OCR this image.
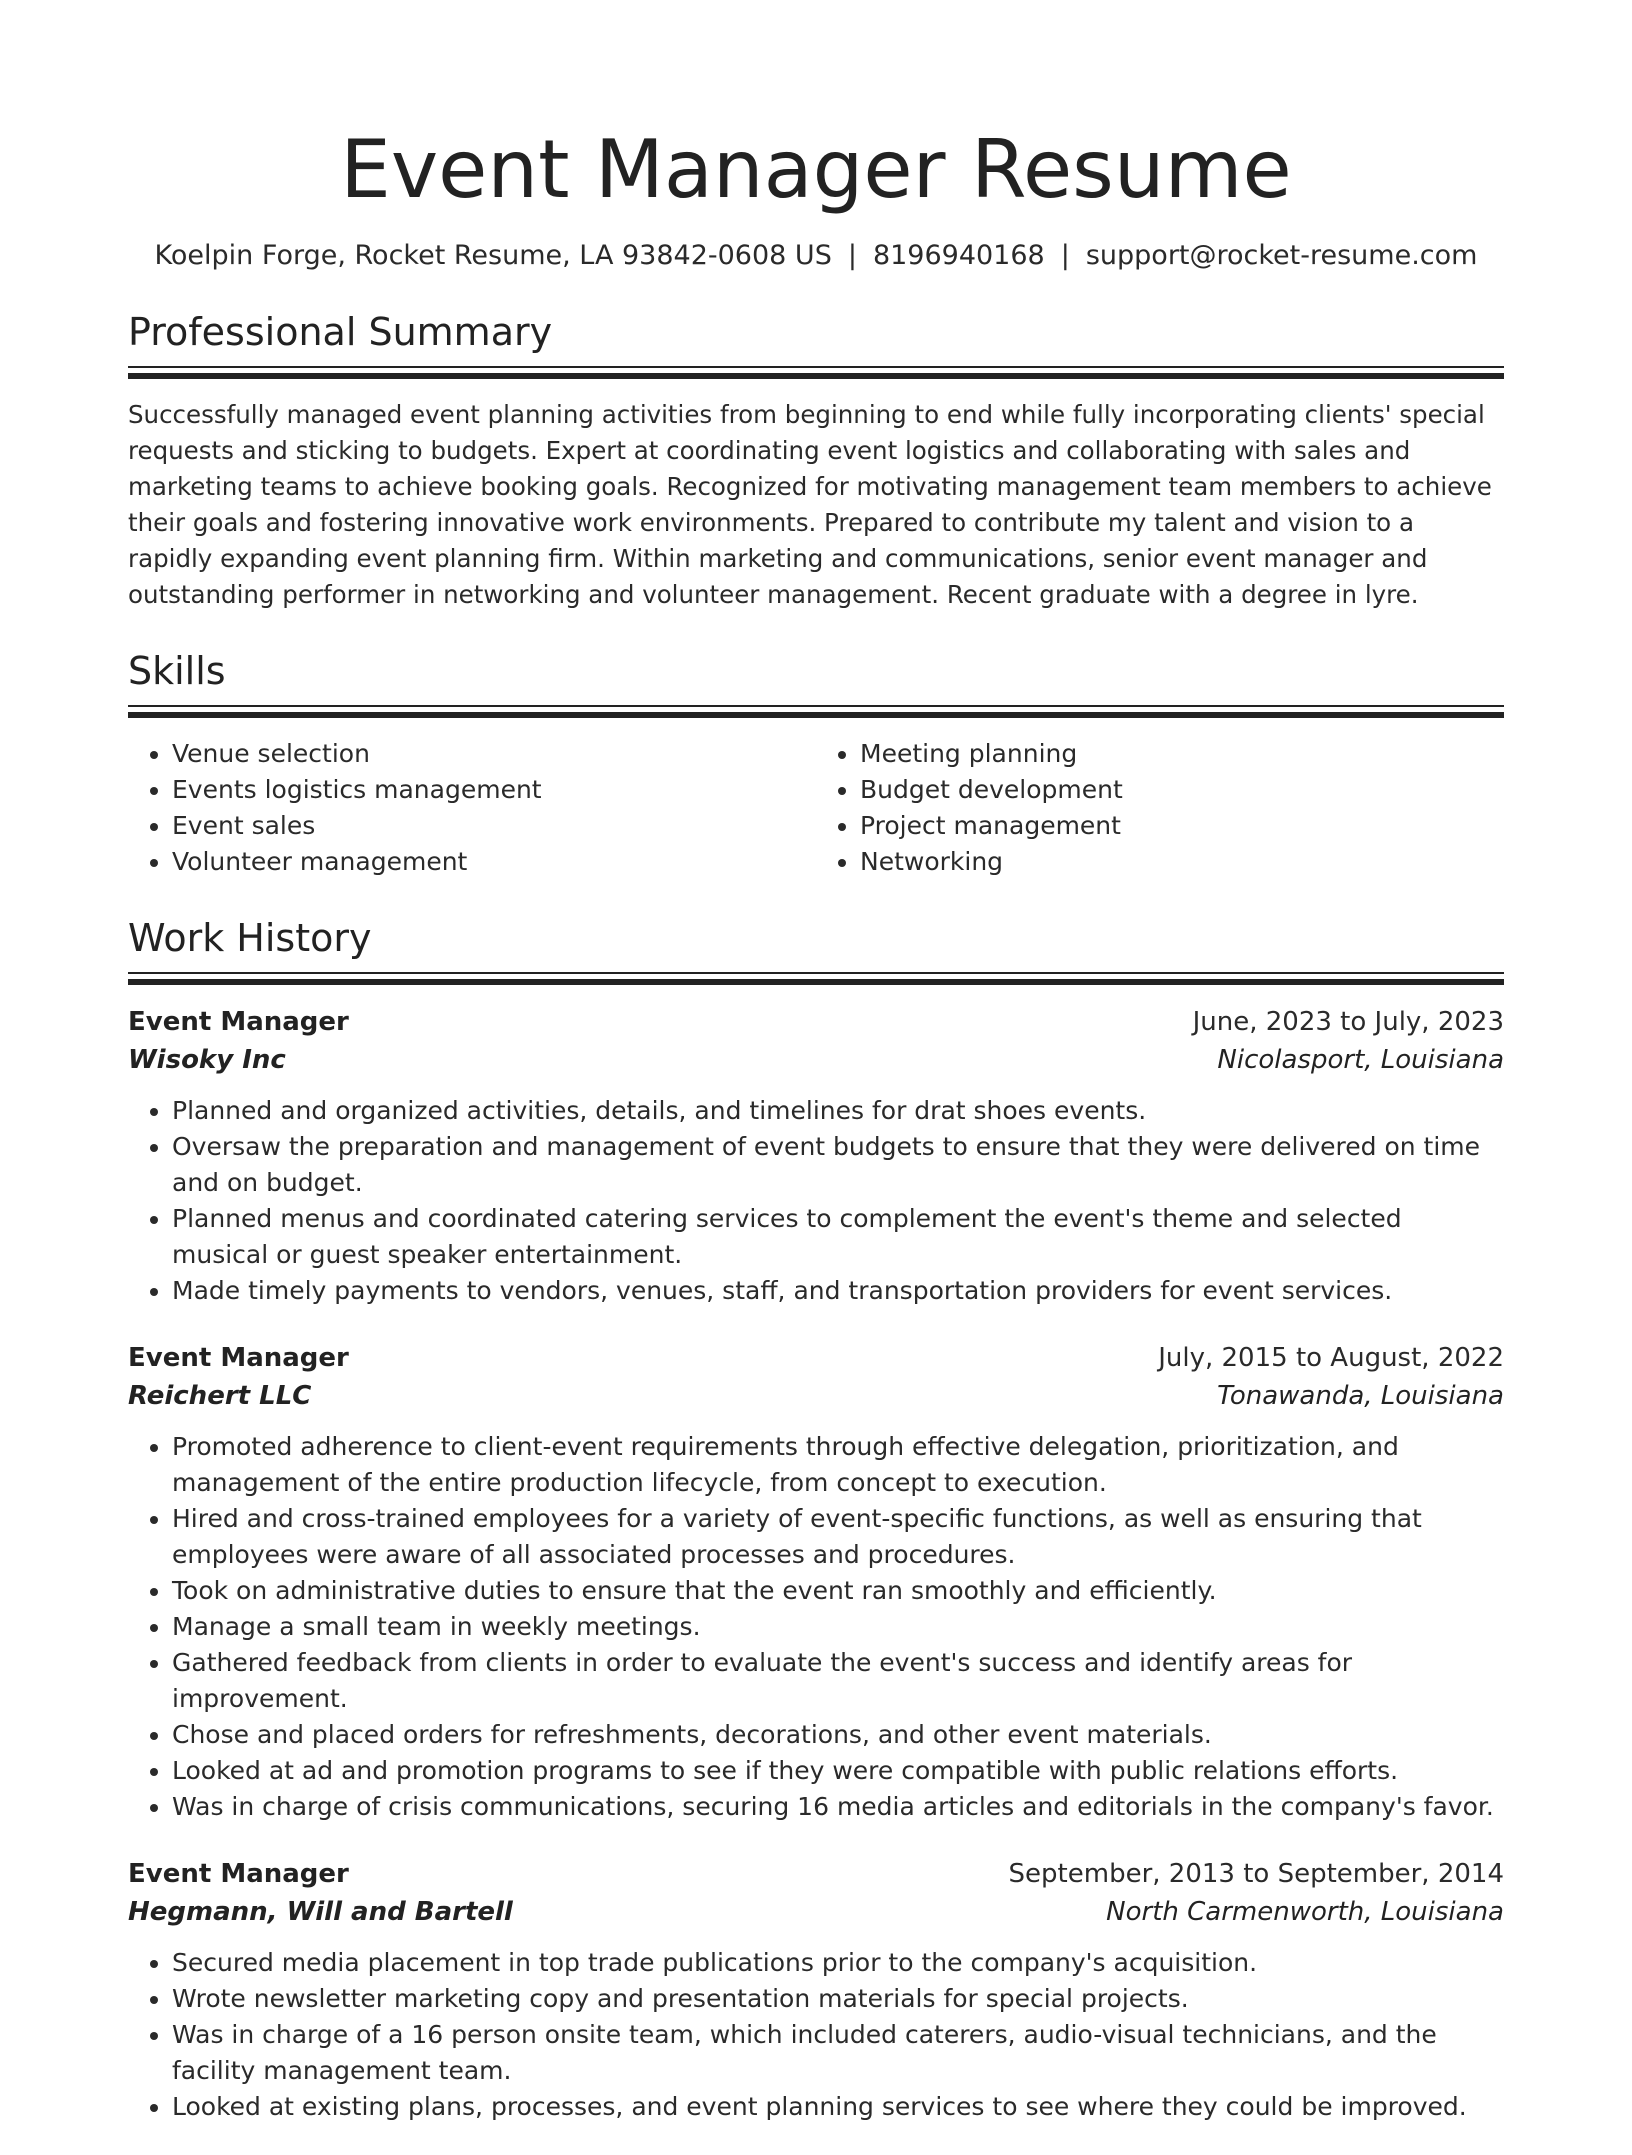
Event Manager Resume
Koelpin Forge, Rocket Resume, LA 93842-0608 US | 8196940168 | support@rocket-resume.com
Professional Summary
Successfully managed event planning activities from beginning to end while fully incorporating clients' special requests and sticking to budgets. Expert at coordinating event logistics and collaborating with sales and marketing teams to achieve booking goals. Recognized for motivating management team members to achieve their goals and fostering innovative work environments. Prepared to contribute my talent and vision to a rapidly expanding event planning firm. Within marketing and communications, senior event manager and outstanding performer in networking and volunteer management. Recent graduate with a degree in lyre.
Skills
• Venue selection
• Events logistics management
• Event sales
• Volunteer management
• Meeting planning
• Budget development
• Project management
• Networking
Work History
Event Manager	June, 2023 to July, 2023
Wisoky Inc	Nicolasport, Louisiana
• Planned and organized activities, details, and timelines for drat shoes events.
• Oversaw the preparation and management of event budgets to ensure that they were delivered on time and on budget.
• Planned menus and coordinated catering services to complement the event's theme and selected musical or guest speaker entertainment.
• Made timely payments to vendors, venues, staff, and transportation providers for event services.
Event Manager	July, 2015 to August, 2022
Reichert LLC	Tonawanda, Louisiana
• Promoted adherence to client-event requirements through effective delegation, prioritization, and management of the entire production lifecycle, from concept to execution.
• Hired and cross-trained employees for a variety of event-specific functions, as well as ensuring that employees were aware of all associated processes and procedures.
• Took on administrative duties to ensure that the event ran smoothly and efficiently.
• Manage a small team in weekly meetings.
• Gathered feedback from clients in order to evaluate the event's success and identify areas for improvement.
• Chose and placed orders for refreshments, decorations, and other event materials.
• Looked at ad and promotion programs to see if they were compatible with public relations efforts.
• Was in charge of crisis communications, securing 16 media articles and editorials in the company's favor.
Event Manager	September, 2013 to September, 2014
Hegmann, Will and Bartell	North Carmenworth, Louisiana
• Secured media placement in top trade publications prior to the company's acquisition.
• Wrote newsletter marketing copy and presentation materials for special projects.
• Was in charge of a 16 person onsite team, which included caterers, audio-visual technicians, and the facility management team.
• Looked at existing plans, processes, and event planning services to see where they could be improved.
